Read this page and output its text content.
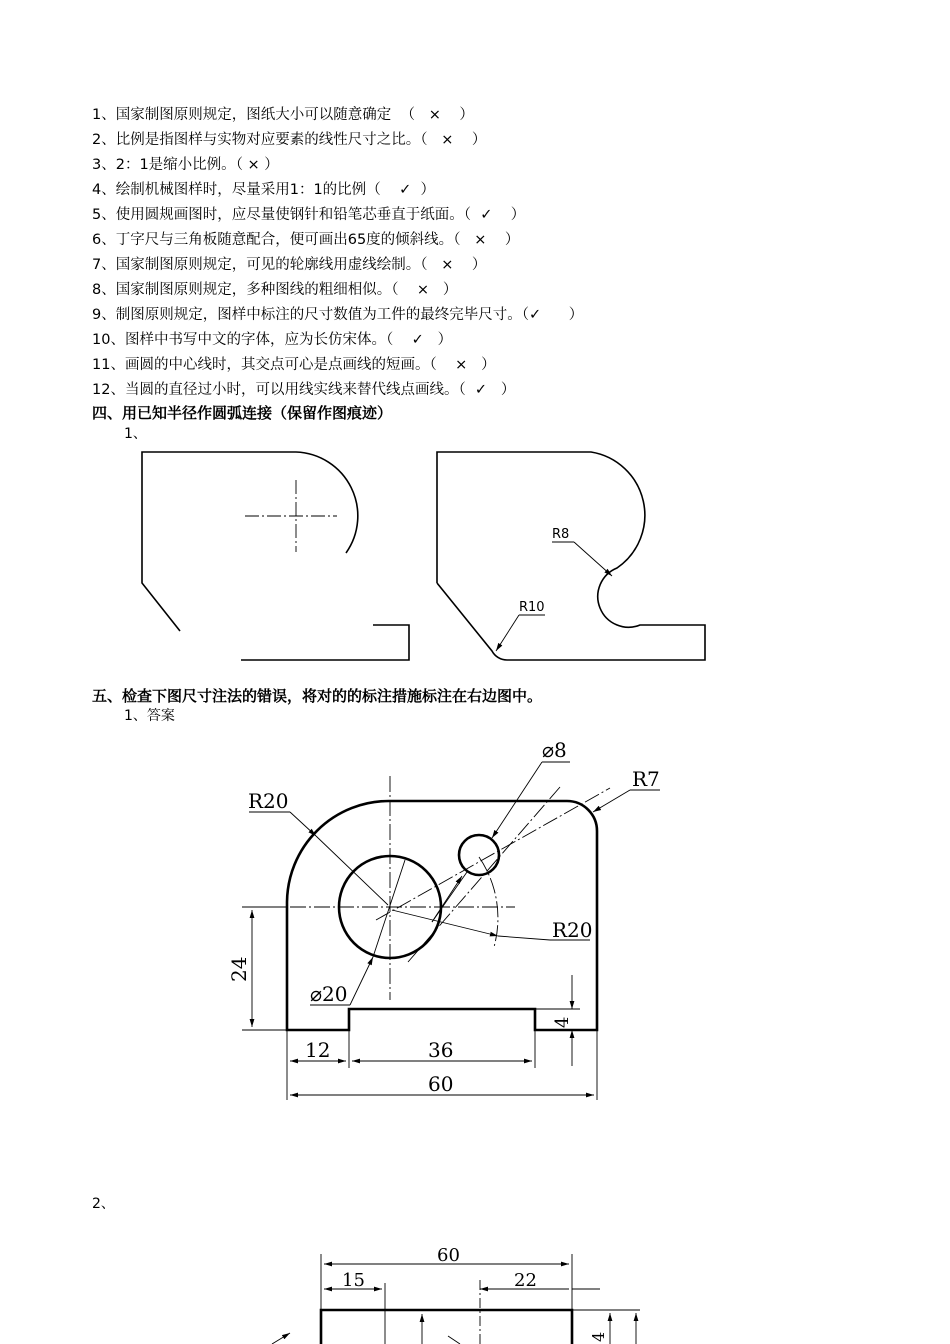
1、国家制图原则规定，图纸大小可以随意确定 （   ×    ）
2、比例是指图样与实物对应要素的线性尺寸之比。（   ×    ）
3、2：1是缩小比例。（ × ）
4、绘制机械图样时，尽量采用1：1的比例（    ✓  ）
5、使用圆规画图时，应尽量使钢针和铅笔芯垂直于纸面。（  ✓    ）
6、丁字尺与三角板随意配合，便可画出65度的倾斜线。（   ×    ）
7、国家制图原则规定，可见的轮廓线用虚线绘制。（   ×    ）
8、国家制图原则规定，多种图线的粗细相似。（    ×   ）
9、制图原则规定，图样中标注的尺寸数值为工件的最终完毕尺寸。（✓      ）
10、图样中书写中文的字体，应为长仿宋体。（    ✓   ）
11、画圆的中心线时，其交点可心是点画线的短画。（    ×   ）
12、当圆的直径过小时，可以用线实线来替代线点画线。（  ✓   ）
四、用已知半径作圆弧连接（保留作图痕迹）
1、
五、检查下图尺寸注法的错误，将对的的标注措施标注在右边图中。
1、答案
2、
R8
R10
R20
⌀8
R7
R20
⌀20
24
4
12	36
60
60
15	22
4
